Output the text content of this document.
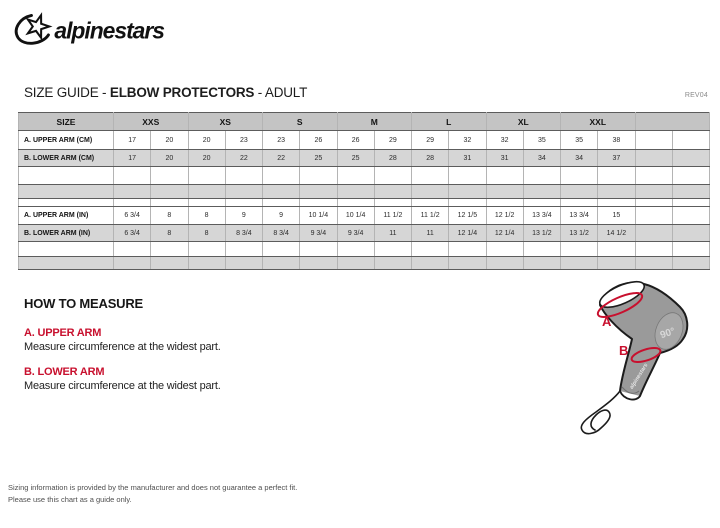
alpinestars
SIZE GUIDE - ELBOW PROTECTORS - ADULT	REV04
SIZE	XXS		XS		S		M		L		XL		XXL			
A. UPPER ARM (CM)	17	20	20	23	23	26	26	29	29	32	32	35	35	38		
B. LOWER ARM (CM)	17	20	20	22	22	25	25	28	28	31	31	34	34	37		

A. UPPER ARM (IN)	6 3/4	8	8	9	9	10 1/4	10 1/4	11 1/2	11 1/2	12 1/5	12 1/2	13 3/4	13 3/4	15		
B. LOWER ARM (IN)	6 3/4	8	8	8 3/4	8 3/4	9 3/4	9 3/4	11	11	12 1/4	12 1/4	13 1/2	13 1/2	14 1/2		

HOW TO MEASURE

A. UPPER ARM

Measure circumference at the widest part.

B. LOWER ARM

Measure circumference at the widest part.

A
B
90°
alpinestars
Sizing information is provided by the manufacturer and does not guarantee a perfect fit.
Please use this chart as a guide only.
